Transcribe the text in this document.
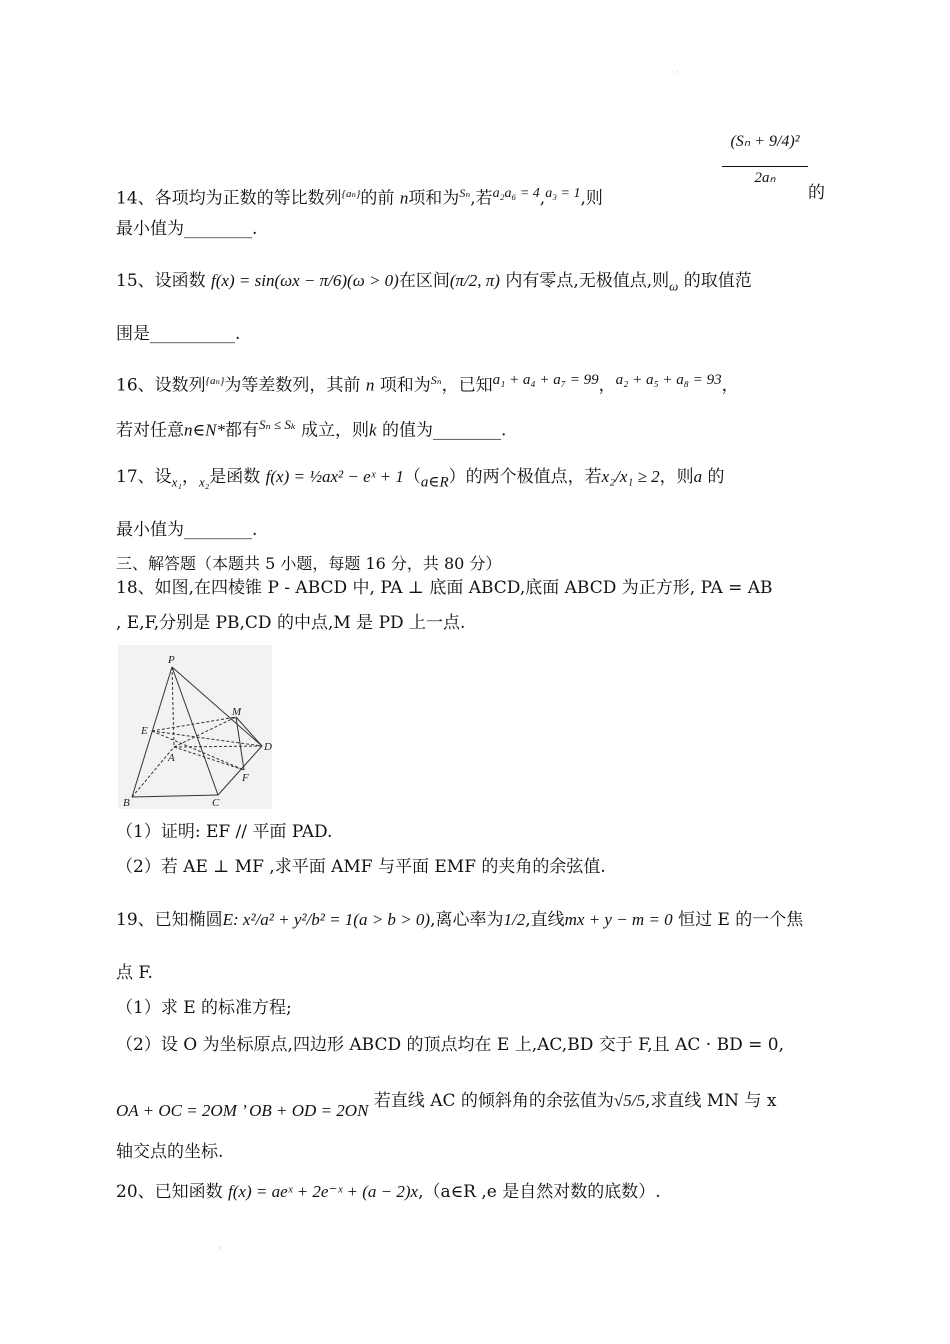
·
·
14、各项均为正数的等比数列$^{\{a_n\}}$的前 n项和为$^{S_n}$,若$^{a_2a_6 = 4}$,$^{a_3 = 1}$,则
(Sₙ + 9/4)²
2aₙ
的
最小值为________.
15、设函数 f(x) = sin(ωx − π/6)(ω > 0)在区间(π/2, π) 内有零点,无极值点,则$_\omega$ 的取值范
围是__________.
16、设数列$^{\{a_n\}}$为等差数列，其前 n 项和为$^{S_n}$，已知$^{a_1 + a_4 + a_7 = 99}$，$^{a_2 + a_5 + a_8 = 93}$，
若对任意n∈N*都有$^{S_n \le S_k}$ 成立，则k 的值为________.
17、设$_{x_1}$，$_{x_2}$是函数 f(x) = ½ax² − eˣ + $1(_{a\in R})$的两个极值点，若x₂/x₁ ≥ 2，则a 的
最小值为________.
三、解答题（本题共 5 小题，每题 16 分，共 80 分）
18、如图,在四棱锥 P - ABCD 中, PA ⊥ 底面 ABCD,底面 ABCD 为正方形, PA = AB
, E,F,分别是 PB,CD 的中点,M 是 PD 上一点.
P
E
M
A
D
F
B	C
（1）证明: EF // 平面 PAD.
（2）若 AE ⊥ MF ,求平面 AMF 与平面 EMF 的夹角的余弦值.
19、已知椭圆E: x²/a² + y²/b² = 1(a > b > 0),离心率为1/2,直线mx + y − m = 0 恒过 E 的一个焦
点 F.
（1）求 E 的标准方程;
（2）设 O 为坐标原点,四边形 ABCD 的顶点均在 E 上,AC,BD 交于 F,且 AC · BD = 0,
OA + OC = 2OM ’ OB + OD = 2ON 若直线 AC 的倾斜角的余弦值为√5/5,求直线 MN 与 x
轴交点的坐标.
20、已知函数 f(x) = aeˣ + 2e⁻ˣ + (a − 2)x,（a∈R ,e 是自然对数的底数）.
